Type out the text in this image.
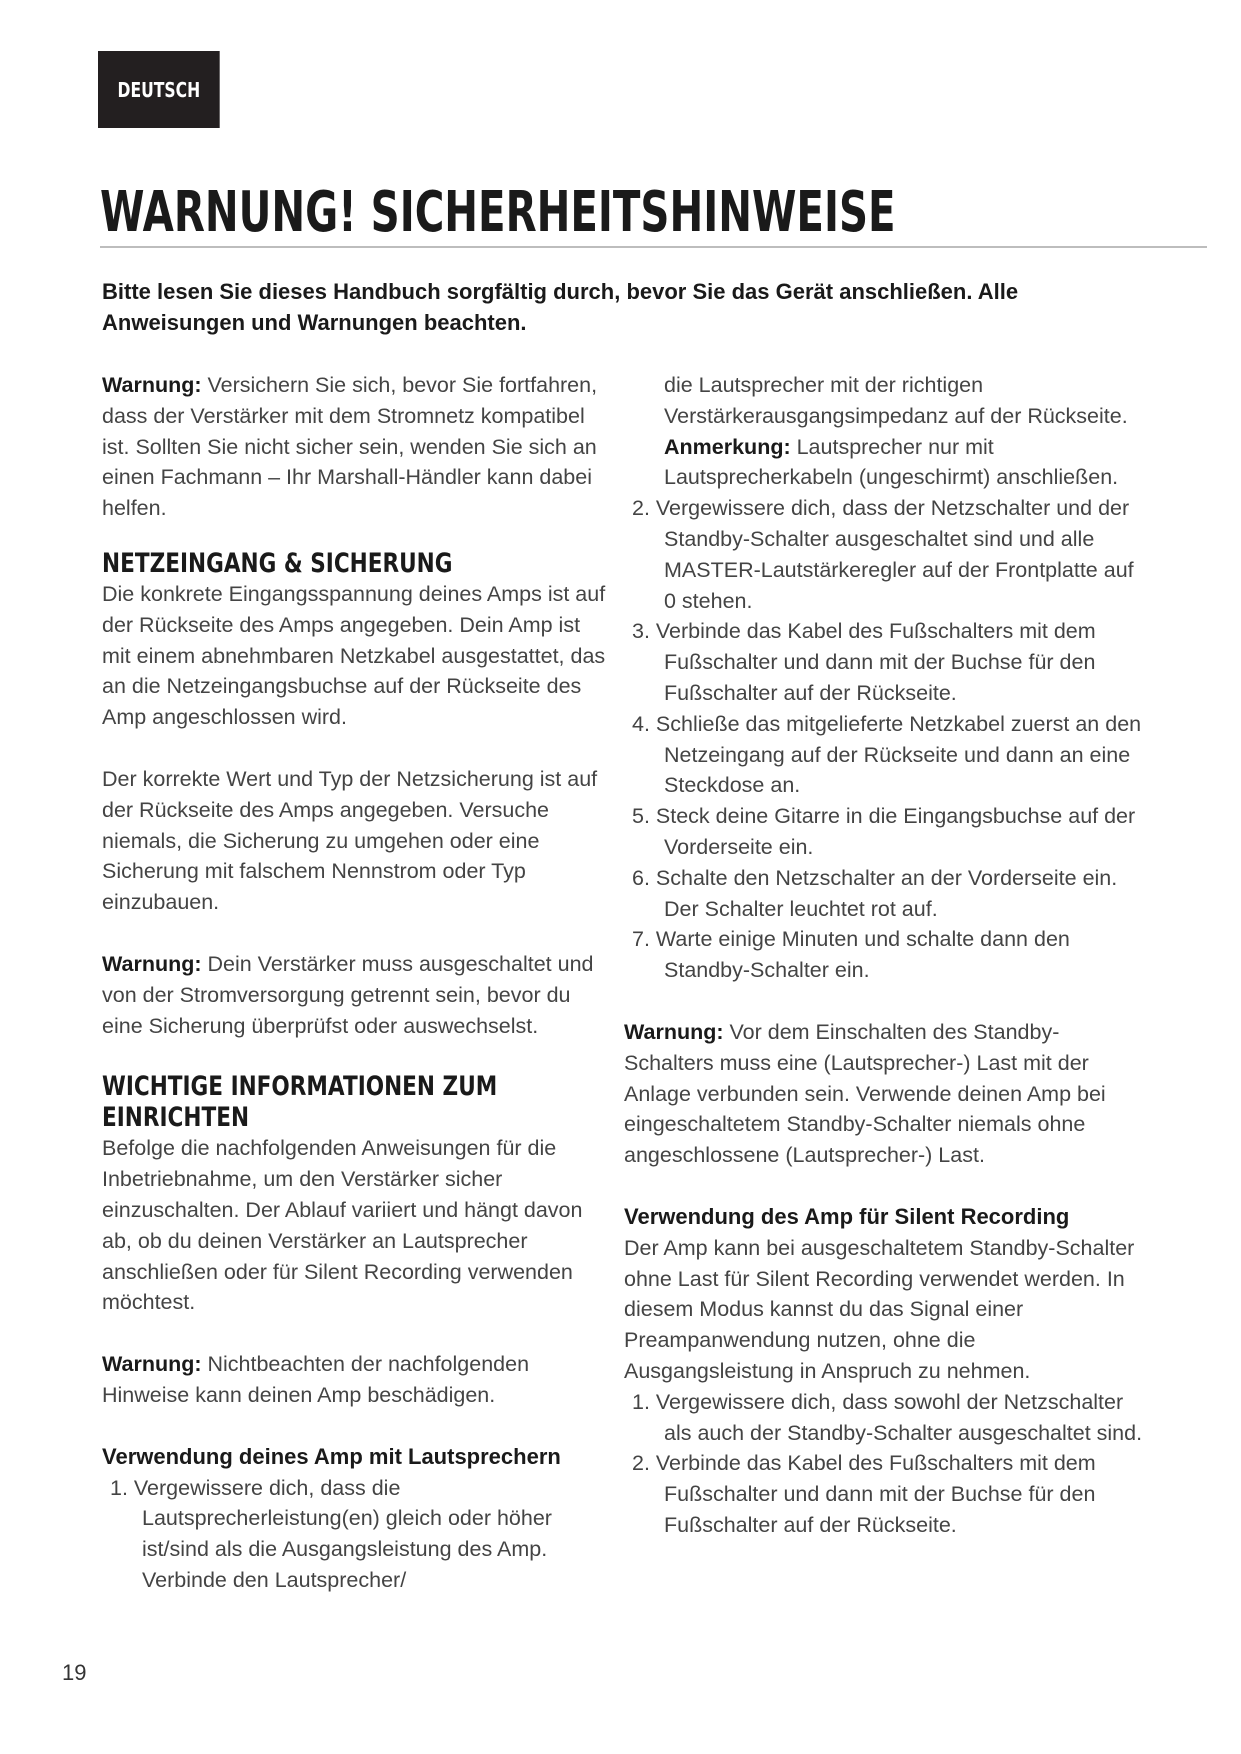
DEUTSCH
WARNUNG! SICHERHEITSHINWEISE

Bitte lesen Sie dieses Handbuch sorgfältig durch, bevor Sie das Gerät anschließen. Alle Anweisungen und Warnungen beachten.

Warnung: Versichern Sie sich, bevor Sie fortfahren, dass der Verstärker mit dem Stromnetz kompatibel ist. Sollten Sie nicht sicher sein, wenden Sie sich an einen Fachmann – Ihr Marshall-Händler kann dabei helfen.

NETZEINGANG & SICHERUNG

Die konkrete Eingangsspannung deines Amps ist auf der Rückseite des Amps angegeben. Dein Amp ist mit einem abnehmbaren Netzkabel ausgestattet, das an die Netzeingangsbuchse auf der Rückseite des Amp angeschlossen wird.

Der korrekte Wert und Typ der Netzsicherung ist auf der Rückseite des Amps angegeben. Versuche niemals, die Sicherung zu umgehen oder eine Sicherung mit falschem Nennstrom oder Typ einzubauen.

Warnung: Dein Verstärker muss ausgeschaltet und von der Stromversorgung getrennt sein, bevor du eine Sicherung überprüfst oder auswechselst.

WICHTIGE INFORMATIONEN ZUM EINRICHTEN

Befolge die nachfolgenden Anweisungen für die Inbetriebnahme, um den Verstärker sicher einzuschalten. Der Ablauf variiert und hängt davon ab, ob du deinen Verstärker an Lautsprecher anschließen oder für Silent Recording verwenden möchtest.

Warnung: Nichtbeachten der nachfolgenden Hinweise kann deinen Amp beschädigen.

Verwendung deines Amp mit Lautsprechern
1. Vergewissere dich, dass die Lautsprecherleistung(en) gleich oder höher ist/sind als die Ausgangsleistung des Amp. Verbinde den Lautsprecher/

die Lautsprecher mit der richtigen Verstärkerausgangsimpedanz auf der Rückseite.

Anmerkung: Lautsprecher nur mit Lautsprecherkabeln (ungeschirmt) anschließen.

2. Vergewissere dich, dass der Netzschalter und der Standby-Schalter ausgeschaltet sind und alle MASTER-Lautstärkeregler auf der Frontplatte auf 0 stehen.
3. Verbinde das Kabel des Fußschalters mit dem Fußschalter und dann mit der Buchse für den Fußschalter auf der Rückseite.
4. Schließe das mitgelieferte Netzkabel zuerst an den Netzeingang auf der Rückseite und dann an eine Steckdose an.
5. Steck deine Gitarre in die Eingangsbuchse auf der Vorderseite ein.
6. Schalte den Netzschalter an der Vorderseite ein. Der Schalter leuchtet rot auf.
7. Warte einige Minuten und schalte dann den Standby-Schalter ein.

Warnung: Vor dem Einschalten des Standby-Schalters muss eine (Lautsprecher-) Last mit der Anlage verbunden sein. Verwende deinen Amp bei eingeschaltetem Standby-Schalter niemals ohne angeschlossene (Lautsprecher-) Last.

Verwendung des Amp für Silent Recording

Der Amp kann bei ausgeschaltetem Standby-Schalter ohne Last für Silent Recording verwendet werden. In diesem Modus kannst du das Signal einer Preampanwendung nutzen, ohne die Ausgangsleistung in Anspruch zu nehmen.

1. Vergewissere dich, dass sowohl der Netzschalter als auch der Standby-Schalter ausgeschaltet sind.
2. Verbinde das Kabel des Fußschalters mit dem Fußschalter und dann mit der Buchse für den Fußschalter auf der Rückseite.
19
